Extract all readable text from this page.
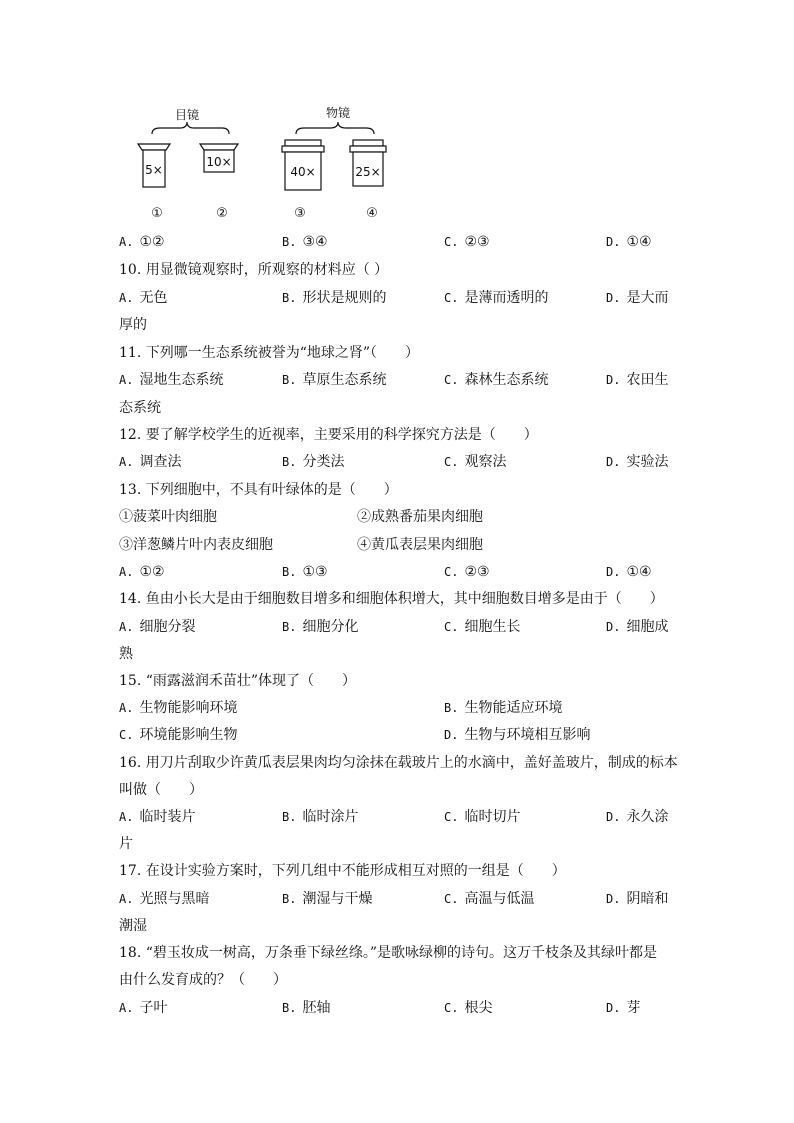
目镜
5×
10×
物镜
40×	25×
①	②	③	④
A. ①②	B. ③④	C. ②③	D. ①④
10. 用显微镜观察时，所观察的材料应（ ）
A. 无色	B. 形状是规则的	C. 是薄而透明的	D. 是大而
厚的
11. 下列哪一生态系统被誉为“地球之肾”（　　）
A. 湿地生态系统	B. 草原生态系统	C. 森林生态系统	D. 农田生
态系统
12. 要了解学校学生的近视率，主要采用的科学探究方法是（　　）
A. 调查法	B. 分类法	C. 观察法	D. 实验法
13. 下列细胞中，不具有叶绿体的是（　　）
①菠菜叶肉细胞	②成熟番茄果肉细胞
③洋葱鳞片叶内表皮细胞	④黄瓜表层果肉细胞
A. ①②	B. ①③	C. ②③	D. ①④
14. 鱼由小长大是由于细胞数目增多和细胞体积增大，其中细胞数目增多是由于（　　）
A. 细胞分裂	B. 细胞分化	C. 细胞生长	D. 细胞成
熟
15. “雨露滋润禾苗壮”体现了（　　）
A. 生物能影响环境	B. 生物能适应环境
C. 环境能影响生物	D. 生物与环境相互影响
16. 用刀片刮取少许黄瓜表层果肉均匀涂抹在载玻片上的水滴中，盖好盖玻片，制成的标本
叫做（　　）
A. 临时装片	B. 临时涂片	C. 临时切片	D. 永久涂
片
17. 在设计实验方案时，下列几组中不能形成相互对照的一组是（　　）
A. 光照与黑暗	B. 潮湿与干燥	C. 高温与低温	D. 阴暗和
潮湿
18. “碧玉妆成一树高，万条垂下绿丝绦。”是歌咏绿柳的诗句。这万千枝条及其绿叶都是
由什么发育成的？（　　）
A. 子叶	B. 胚轴	C. 根尖	D. 芽
